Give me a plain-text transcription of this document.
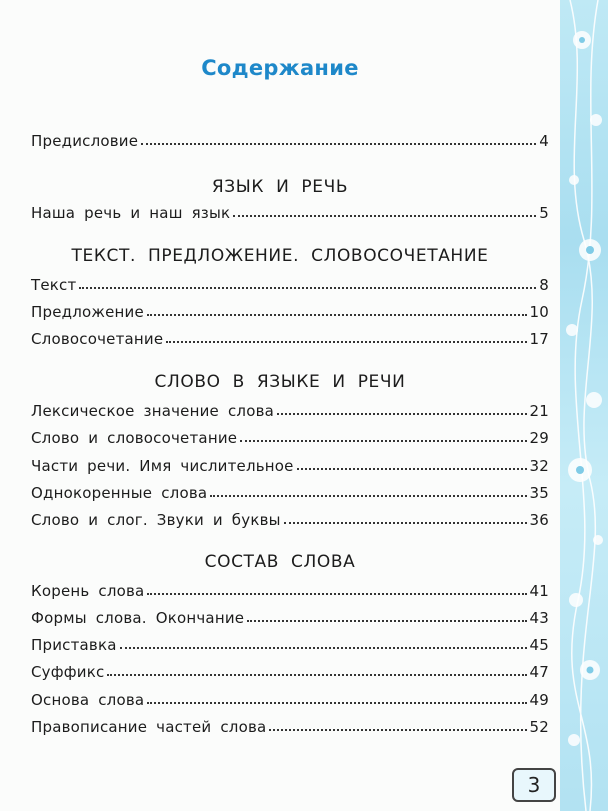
Содержание
Предисловие	4
ЯЗЫК И РЕЧЬ
Наша речь и наш язык	5
ТЕКСТ. ПРЕДЛОЖЕНИЕ. СЛОВОСОЧЕТАНИЕ
Текст	8
Предложение	10
Словосочетание	17
СЛОВО В ЯЗЫКЕ И РЕЧИ
Лексическое значение слова	21
Слово и словосочетание	29
Части речи. Имя числительное	32
Однокоренные слова	35
Слово и слог. Звуки и буквы	36
СОСТАВ СЛОВА
Корень слова	41
Формы слова. Окончание	43
Приставка	45
Суффикс	47
Основа слова	49
Правописание частей слова	52
3
